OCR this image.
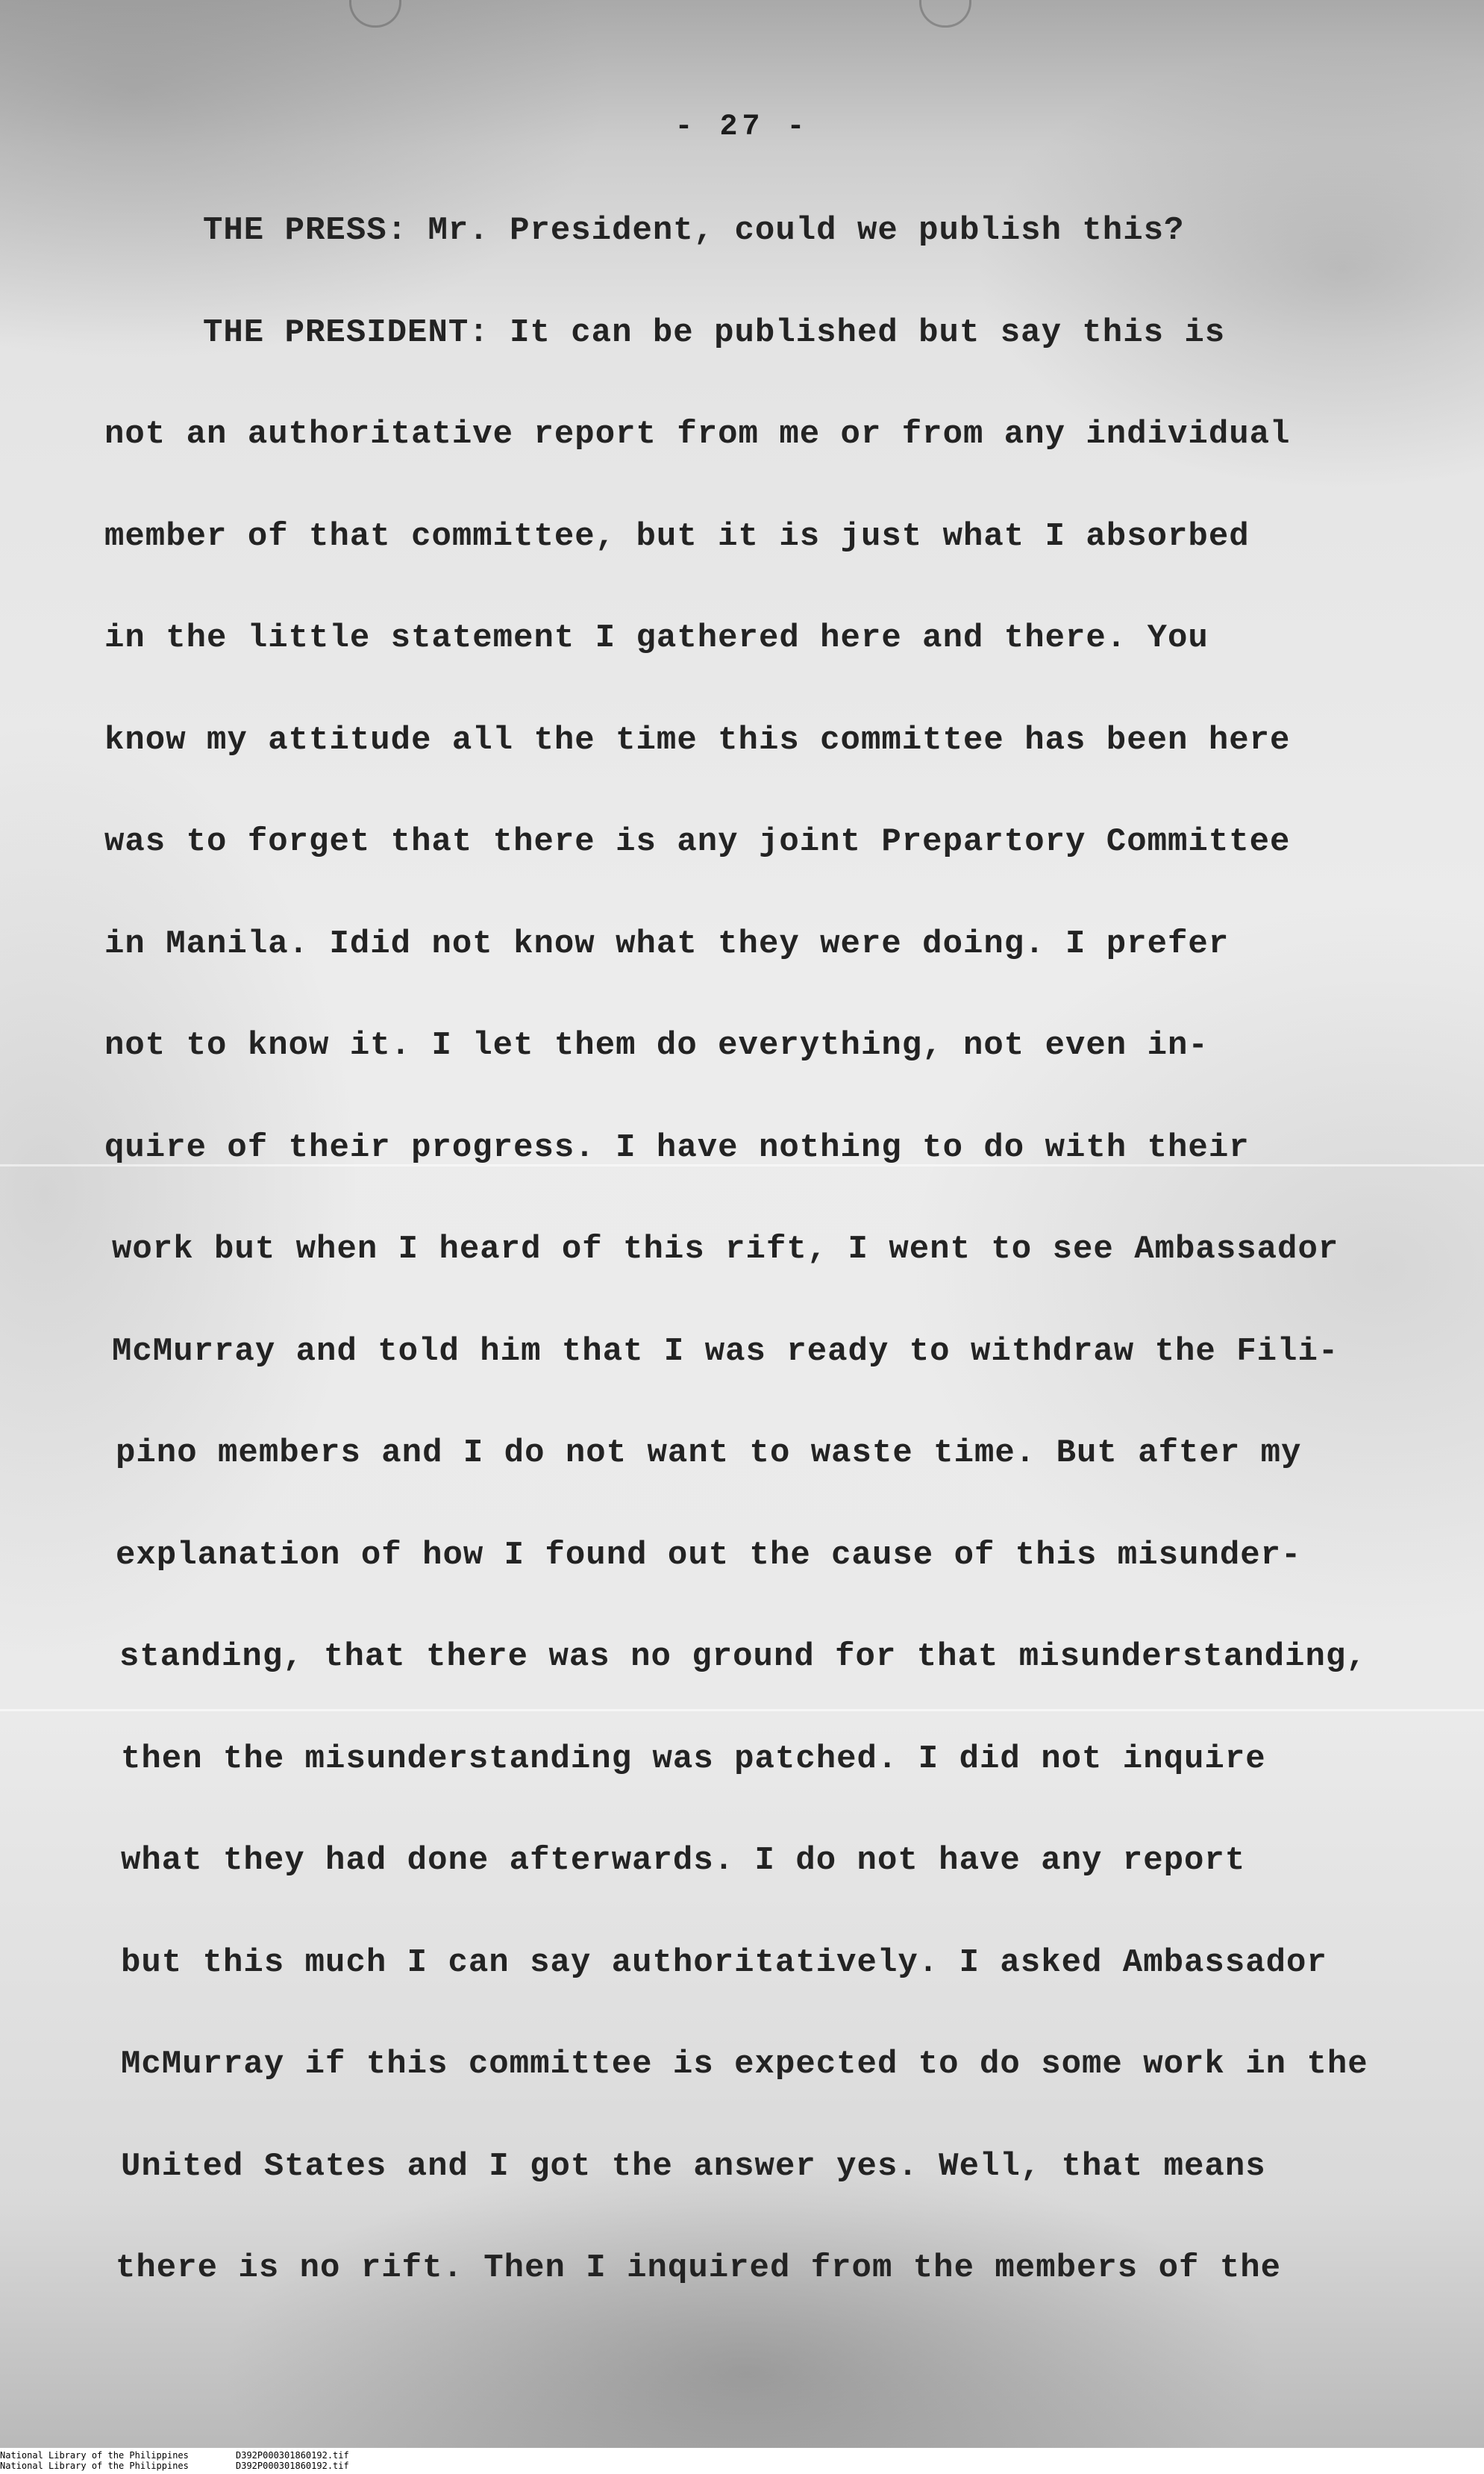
- 27 -
THE PRESS: Mr. President, could we publish this?
THE PRESIDENT: It can be published but say this is
not an authoritative report from me or from any individual
member of that committee, but it is just what I absorbed
in the little statement I gathered here and there. You
know my attitude all the time this committee has been here
was to forget that there is any joint Prepartory Committee
in Manila. Idid not know what they were doing. I prefer
not to know it. I let them do everything, not even in-
quire of their progress. I have nothing to do with their
work but when I heard of this rift, I went to see Ambassador
McMurray and told him that I was ready to withdraw the Fili-
pino members and I do not want to waste time. But after my
explanation of how I found out the cause of this misunder-
standing, that there was no ground for that misunderstanding,
then the misunderstanding was patched. I did not inquire
what they had done afterwards. I do not have any report
but this much I can say authoritatively. I asked Ambassador
McMurray if this committee is expected to do some work in the
United States and I got the answer yes. Well, that means
there is no rift. Then I inquired from the members of the
National Library of the Philippines	D392P000301860192.tif
National Library of the Philippines	D392P000301860192.tif
